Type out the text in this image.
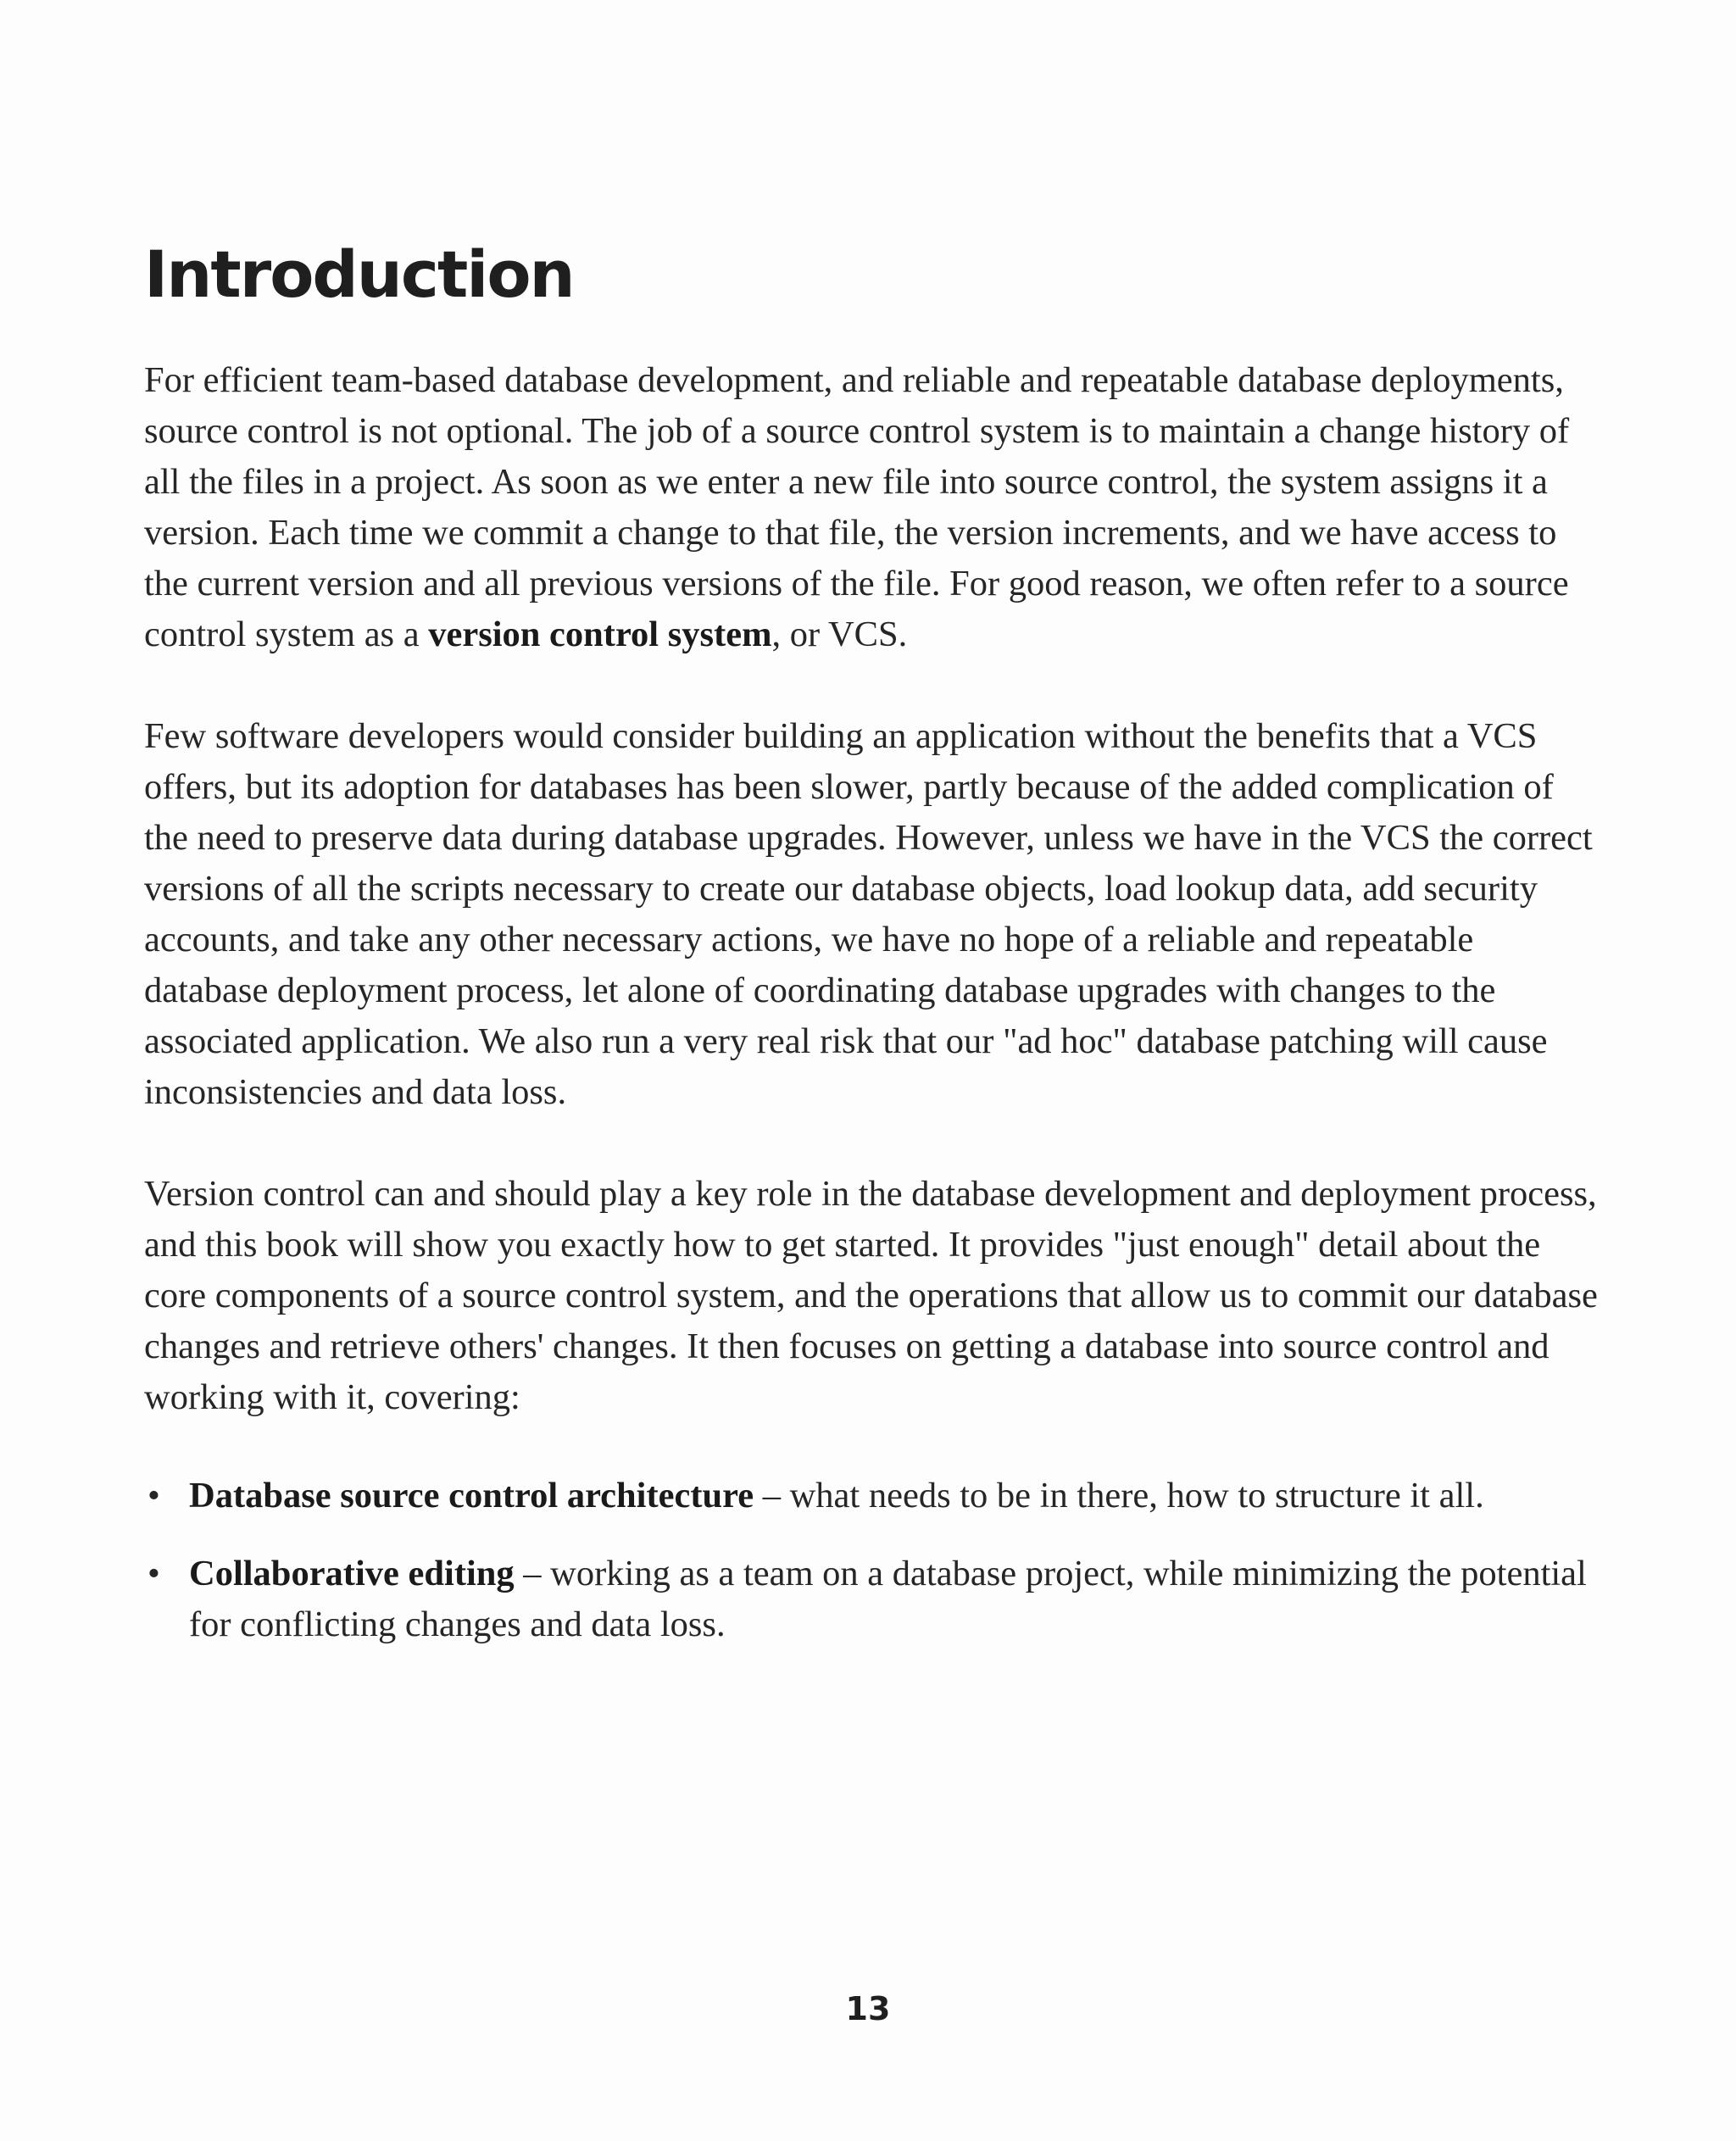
Introduction

For efficient team-based database development, and reliable and repeatable database deployments, source control is not optional. The job of a source control system is to maintain a change history of all the files in a project. As soon as we enter a new file into source control, the system assigns it a version. Each time we commit a change to that file, the version increments, and we have access to the current version and all previous versions of the file. For good reason, we often refer to a source control system as a version control system, or VCS.

Few software developers would consider building an application without the benefits that a VCS offers, but its adoption for databases has been slower, partly because of the added complication of the need to preserve data during database upgrades. However, unless we have in the VCS the correct versions of all the scripts necessary to create our database objects, load lookup data, add security accounts, and take any other necessary actions, we have no hope of a reliable and repeatable database deployment process, let alone of coordinating database upgrades with changes to the associated application. We also run a very real risk that our "ad hoc" database patching will cause inconsistencies and data loss.

Version control can and should play a key role in the database development and deployment process, and this book will show you exactly how to get started. It provides "just enough" detail about the core components of a source control system, and the operations that allow us to commit our database changes and retrieve others' changes. It then focuses on getting a database into source control and working with it, covering:

• Database source control architecture – what needs to be in there, how to structure it all.
• Collaborative editing – working as a team on a database project, while minimizing the potential for conflicting changes and data loss.
13
